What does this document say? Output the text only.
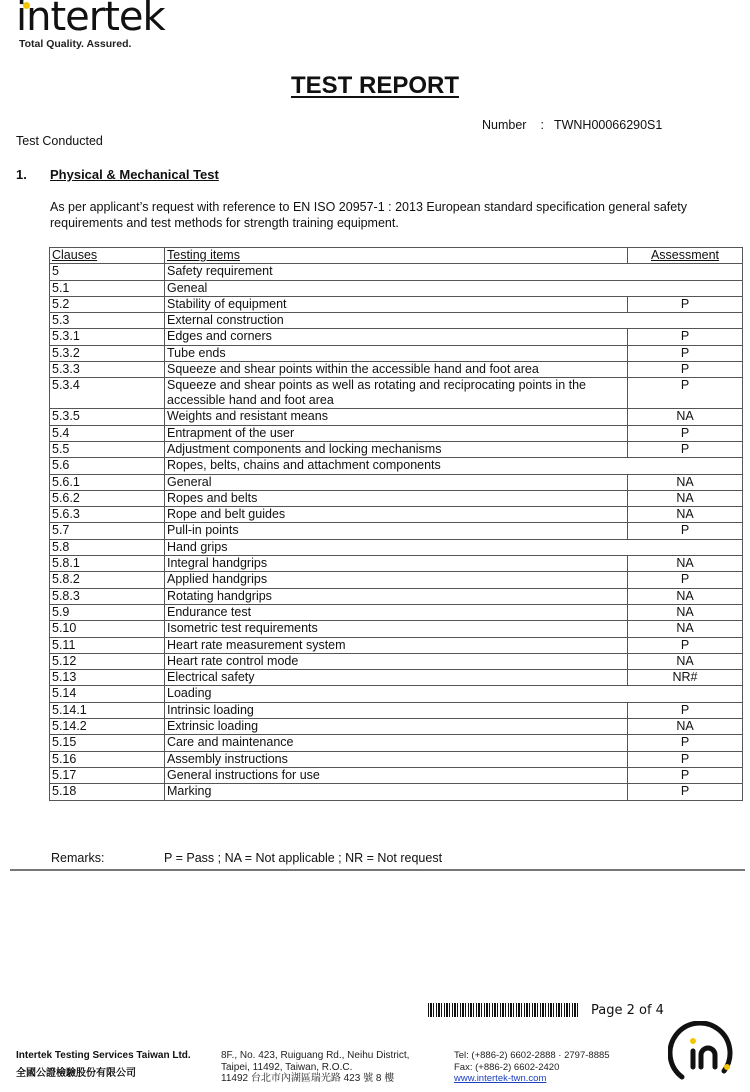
intertek
Total Quality. Assured.
TEST REPORT
Number : TWNH00066290S1
Test Conducted
1. Physical & Mechanical Test
As per applicant’s request with reference to EN ISO 20957-1 : 2013 European standard specification general safety requirements and test methods for strength training equipment.
Clauses	Testing items	Assessment
5	Safety requirement	
5.1	Geneal	
5.2	Stability of equipment	P
5.3	External construction	
5.3.1	Edges and corners	P
5.3.2	Tube ends	P
5.3.3	Squeeze and shear points within the accessible hand and foot area	P
5.3.4	Squeeze and shear points as well as rotating and reciprocating points in the accessible hand and foot area	P
5.3.5	Weights and resistant means	NA
5.4	Entrapment of the user	P
5.5	Adjustment components and locking mechanisms	P
5.6	Ropes, belts, chains and attachment components	
5.6.1	General	NA
5.6.2	Ropes and belts	NA
5.6.3	Rope and belt guides	NA
5.7	Pull-in points	P
5.8	Hand grips	
5.8.1	Integral handgrips	NA
5.8.2	Applied handgrips	P
5.8.3	Rotating handgrips	NA
5.9	Endurance test	NA
5.10	Isometric test requirements	NA
5.11	Heart rate measurement system	P
5.12	Heart rate control mode	NA
5.13	Electrical safety	NR#
5.14	Loading	
5.14.1	Intrinsic loading	P
5.14.2	Extrinsic loading	NA
5.15	Care and maintenance	P
5.16	Assembly instructions	P
5.17	General instructions for use	P
5.18	Marking	P
Remarks:	P = Pass ; NA = Not applicable ; NR = Not request
Page 2 of 4
Intertek Testing Services Taiwan Ltd.
全國公證檢驗股份有限公司
8F., No. 423, Ruiguang Rd., Neihu District,
Taipei, 11492, Taiwan, R.O.C.
11492 台北市內湖區瑞光路 423 號 8 樓
Tel: (+886-2) 6602-2888 · 2797-8885
Fax: (+886-2) 6602-2420
www.intertek-twn.com
